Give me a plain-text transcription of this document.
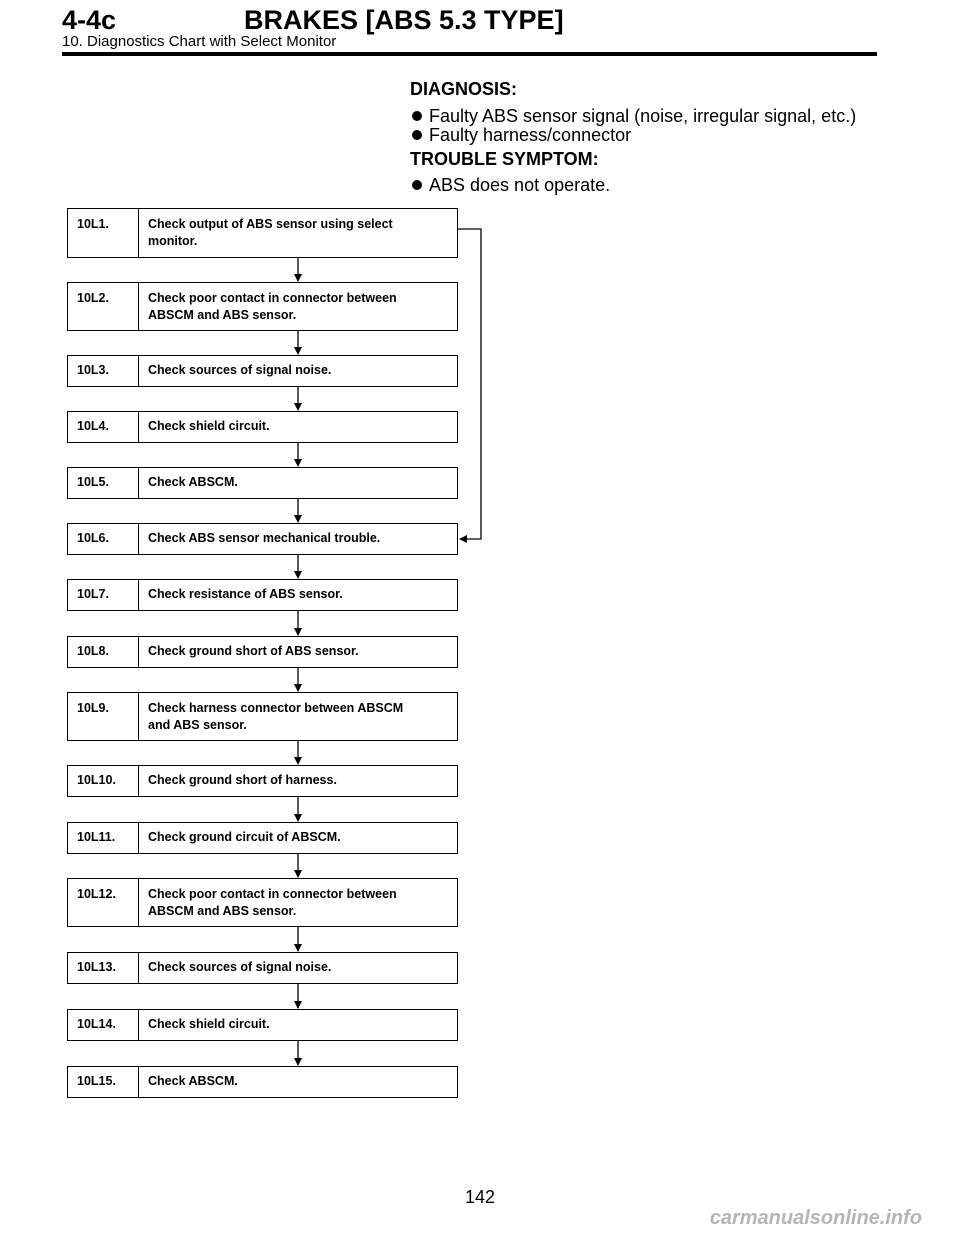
4-4c	BRAKES [ABS 5.3 TYPE]
10. Diagnostics Chart with Select Monitor
DIAGNOSIS:
Faulty ABS sensor signal (noise, irregular signal, etc.)
Faulty harness/connector
TROUBLE SYMPTOM:
ABS does not operate.
10L1.	Check output of ABS sensor using select
monitor.
10L2.	Check poor contact in connector between
ABSCM and ABS sensor.
10L3.	Check sources of signal noise.
10L4.	Check shield circuit.
10L5.	Check ABSCM.
10L6.	Check ABS sensor mechanical trouble.
10L7.	Check resistance of ABS sensor.
10L8.	Check ground short of ABS sensor.
10L9.	Check harness connector between ABSCM
and ABS sensor.
10L10.	Check ground short of harness.
10L11.	Check ground circuit of ABSCM.
10L12.	Check poor contact in connector between
ABSCM and ABS sensor.
10L13.	Check sources of signal noise.
10L14.	Check shield circuit.
10L15.	Check ABSCM.
142
carmanualsonline.info
